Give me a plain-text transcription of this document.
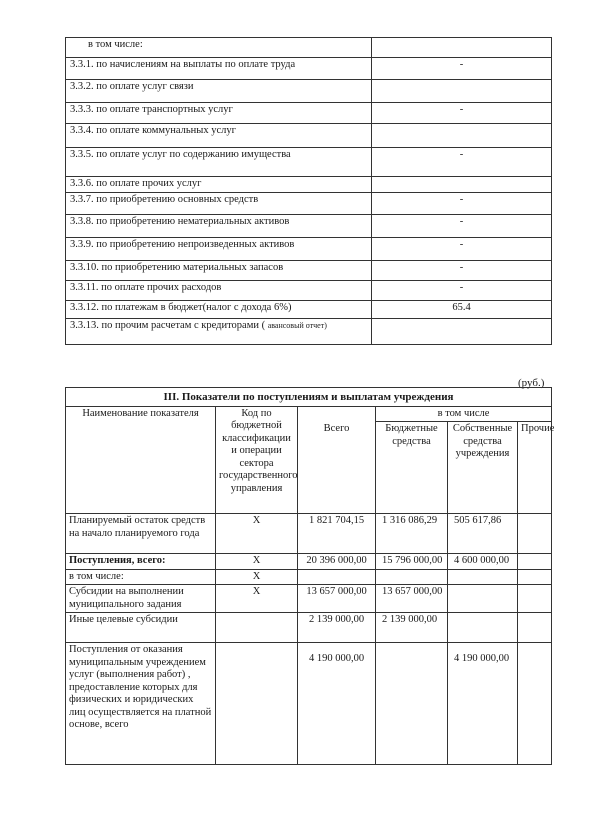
в том числе:	
3.3.1. по начислениям на выплаты по оплате труда	-
3.3.2. по оплате услуг связи	
3.3.3. по оплате транспортных услуг	-
3.3.4. по оплате коммунальных услуг	
3.3.5. по оплате услуг по содержанию имущества	-
3.3.6. по оплате прочих услуг	
3.3.7. по приобретению основных средств	-
3.3.8. по приобретению нематериальных активов	-
3.3.9. по приобретению непроизведенных активов	-
3.3.10. по приобретению материальных запасов	-
3.3.11. по оплате прочих расходов	-
3.3.12. по платежам в бюджет(налог с дохода 6%)	65.4
3.3.13. по прочим расчетам с кредиторами ( авансовый отчет)	
(руб.)
III. Показатели по поступлениям и выплатам учреждения					
Наименование показателя	Код по бюджетной классификации и операции сектора государственного управления	Всего	в том числе		
			Бюджетные средства	Собственные средства учреждения	Прочие
Планируемый остаток средств на начало планируемого года	X	1 821 704,15	1 316 086,29	505 617,86	
Поступления, всего:	X	20 396 000,00	15 796 000,00	4 600 000,00	
в том числе:	X				
Субсидии на выполнении муниципального задания	X	13 657 000,00	13 657 000,00		
Иные целевые субсидии		2 139 000,00	2 139 000,00		
Поступления от оказания муниципальным учреждением услуг (выполнения работ) , предоставление которых для физических и юридических лиц осуществляется на платной основе, всего		4 190 000,00		4 190 000,00	
